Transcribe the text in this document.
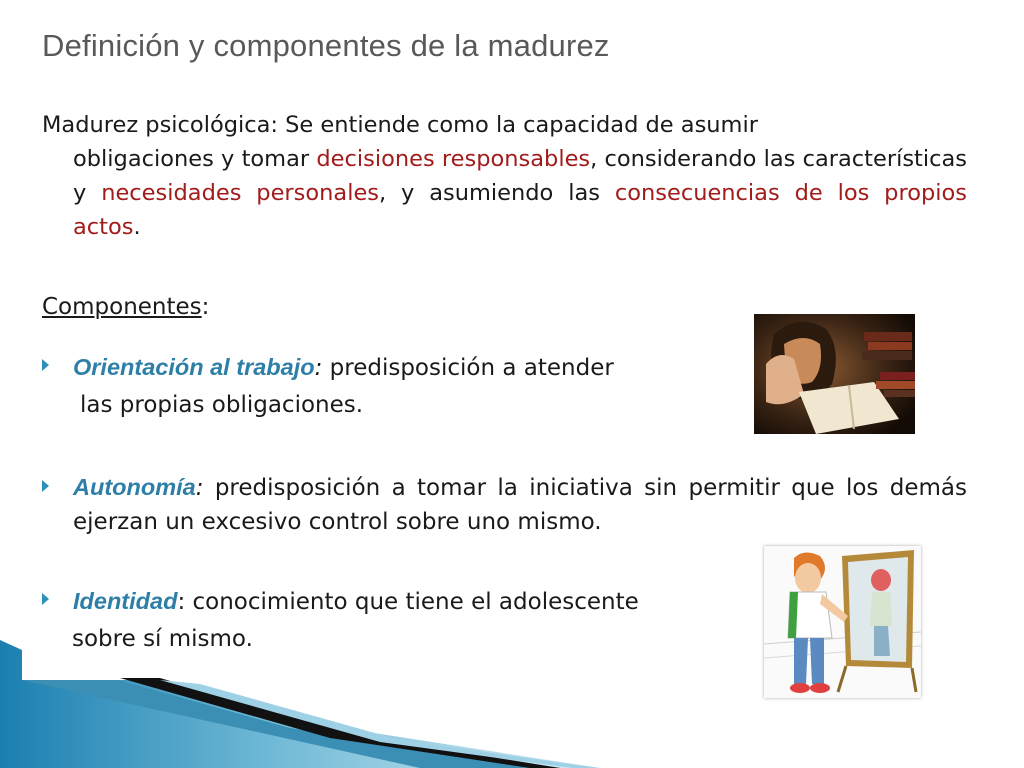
Definición y componentes de la madurez
Madurez psicológica: Se entiende como la capacidad de asumir
obligaciones y tomar decisiones responsables, considerando las características y necesidades personales, y asumiendo las consecuencias de los propios actos.
Componentes:
Orientación al trabajo: predisposición a atender
las propias obligaciones.
Autonomía: predisposición a tomar la iniciativa sin permitir que los demás ejerzan un excesivo control sobre uno mismo.
Identidad: conocimiento que tiene el adolescente
sobre sí mismo.
